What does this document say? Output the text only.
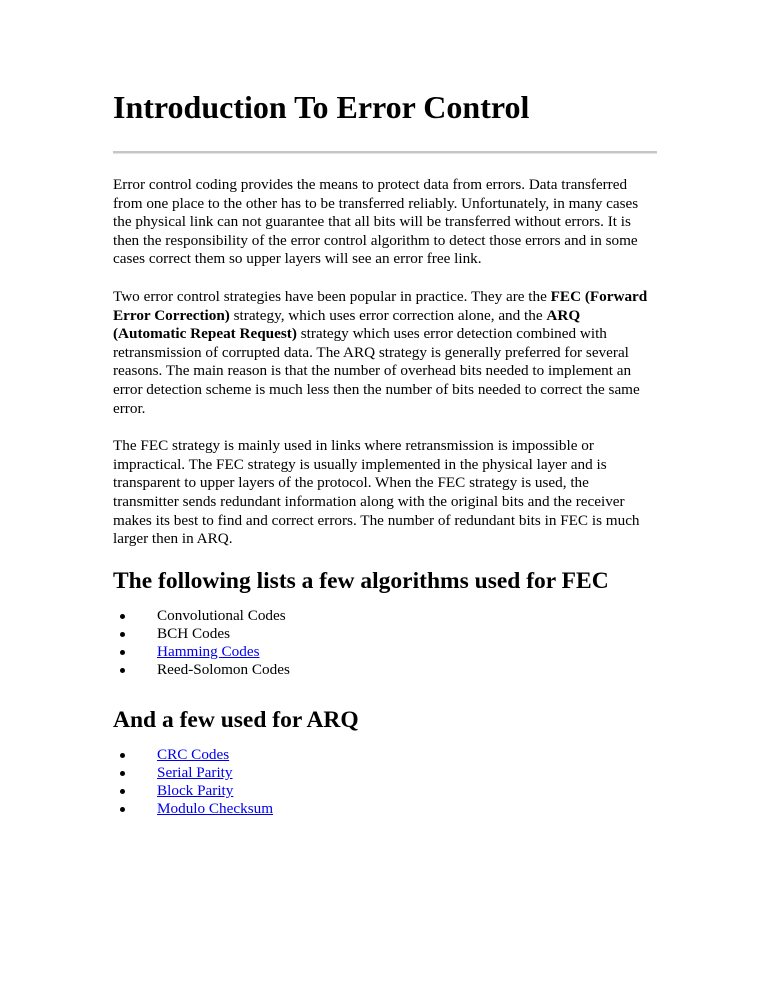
Introduction To Error Control

Error control coding provides the means to protect data from errors. Data transferred from one place to the other has to be transferred reliably. Unfortunately, in many cases the physical link can not guarantee that all bits will be transferred without errors. It is then the responsibility of the error control algorithm to detect those errors and in some cases correct them so upper layers will see an error free link.

Two error control strategies have been popular in practice. They are the FEC (Forward Error Correction) strategy, which uses error correction alone, and the ARQ (Automatic Repeat Request) strategy which uses error detection combined with retransmission of corrupted data. The ARQ strategy is generally preferred for several reasons. The main reason is that the number of overhead bits needed to implement an error detection scheme is much less then the number of bits needed to correct the same error.

The FEC strategy is mainly used in links where retransmission is impossible or impractical. The FEC strategy is usually implemented in the physical layer and is transparent to upper layers of the protocol. When the FEC strategy is used, the transmitter sends redundant information along with the original bits and the receiver makes its best to find and correct errors. The number of redundant bits in FEC is much larger then in ARQ.

The following lists a few algorithms used for FEC
Convolutional Codes
BCH Codes
Hamming Codes
Reed-Solomon Codes
And a few used for ARQ
CRC Codes
Serial Parity
Block Parity
Modulo Checksum
